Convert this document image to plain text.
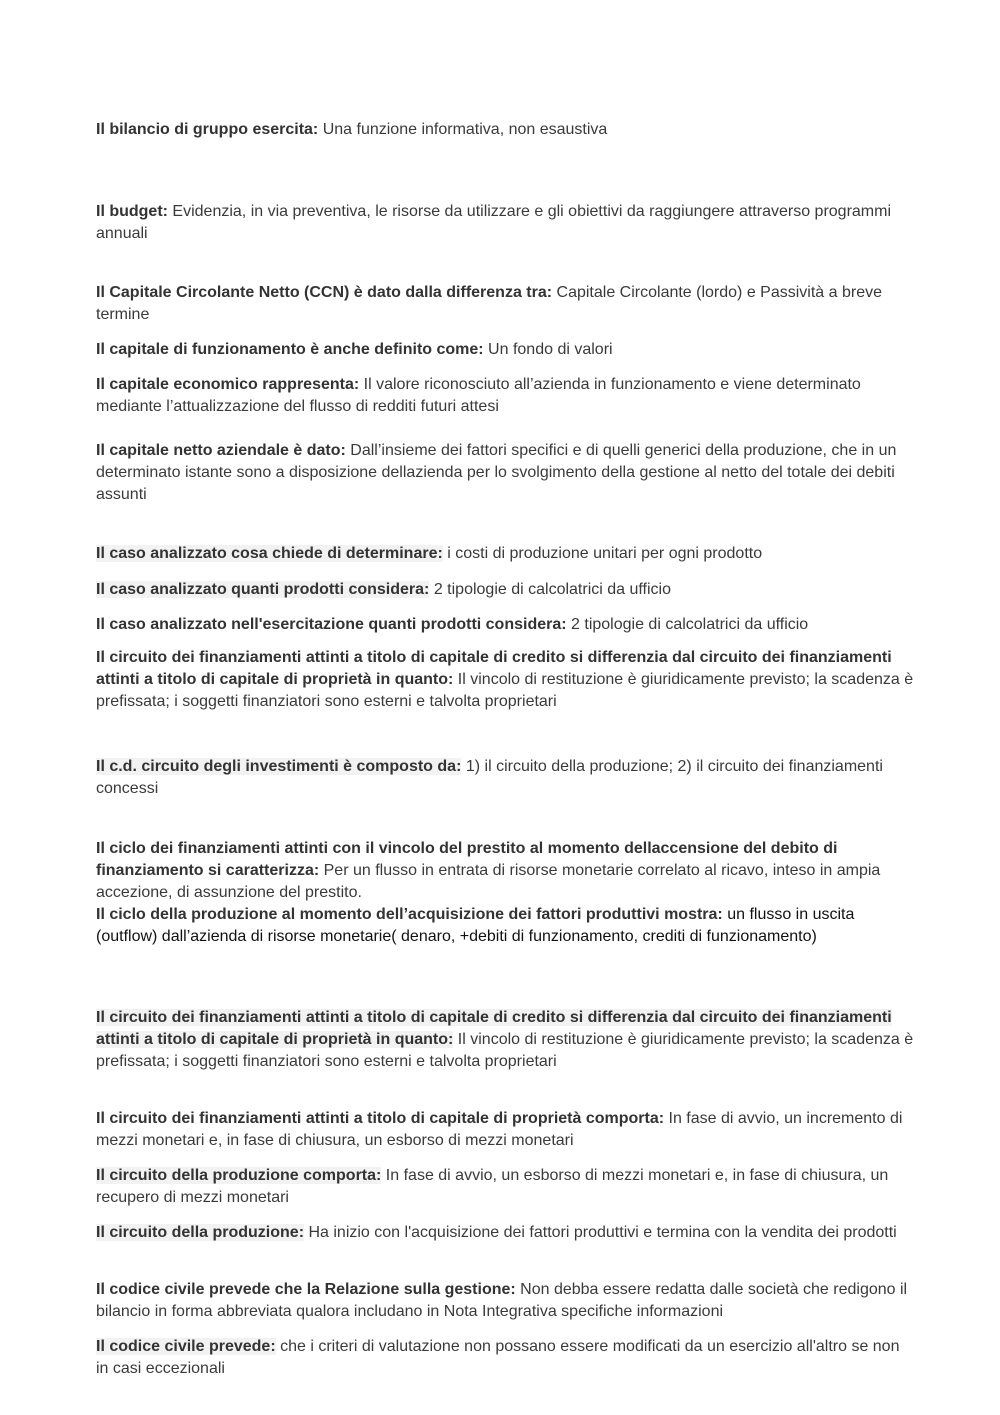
Il bilancio di gruppo esercita: Una funzione informativa, non esaustiva

Il budget: Evidenzia, in via preventiva, le risorse da utilizzare e gli obiettivi da raggiungere attraverso programmi annuali

Il Capitale Circolante Netto (CCN) è dato dalla differenza tra: Capitale Circolante (lordo) e Passività a breve termine

Il capitale di funzionamento è anche definito come: Un fondo di valori

Il capitale economico rappresenta: Il valore riconosciuto all’azienda in funzionamento e viene determinato mediante l’attualizzazione del flusso di redditi futuri attesi

Il capitale netto aziendale è dato: Dall’insieme dei fattori specifici e di quelli generici della produzione, che in un determinato istante sono a disposizione dellazienda per lo svolgimento della gestione al netto del totale dei debiti assunti

Il caso analizzato cosa chiede di determinare: i costi di produzione unitari per ogni prodotto

Il caso analizzato quanti prodotti considera: 2 tipologie di calcolatrici da ufficio

Il caso analizzato nell'esercitazione quanti prodotti considera: 2 tipologie di calcolatrici da ufficio

Il circuito dei finanziamenti attinti a titolo di capitale di credito si differenzia dal circuito dei finanziamenti attinti a titolo di capitale di proprietà in quanto: Il vincolo di restituzione è giuridicamente previsto; la scadenza è prefissata; i soggetti finanziatori sono esterni e talvolta proprietari

Il c.d. circuito degli investimenti è composto da: 1) il circuito della produzione; 2) il circuito dei finanziamenti concessi

Il ciclo dei finanziamenti attinti con il vincolo del prestito al momento dellaccensione del debito di finanziamento si caratterizza: Per un flusso in entrata di risorse monetarie correlato al ricavo, inteso in ampia accezione, di assunzione del prestito.

Il ciclo della produzione al momento dell’acquisizione dei fattori produttivi mostra: un flusso in uscita (outflow) dall’azienda di risorse monetarie( denaro, +debiti di funzionamento, crediti di funzionamento)

Il circuito dei finanziamenti attinti a titolo di capitale di credito si differenzia dal circuito dei finanziamenti attinti a titolo di capitale di proprietà in quanto: Il vincolo di restituzione è giuridicamente previsto; la scadenza è prefissata; i soggetti finanziatori sono esterni e talvolta proprietari

Il circuito dei finanziamenti attinti a titolo di capitale di proprietà comporta: In fase di avvio, un incremento di mezzi monetari e, in fase di chiusura, un esborso di mezzi monetari

Il circuito della produzione comporta: In fase di avvio, un esborso di mezzi monetari e, in fase di chiusura, un recupero di mezzi monetari

Il circuito della produzione: Ha inizio con l'acquisizione dei fattori produttivi e termina con la vendita dei prodotti

Il codice civile prevede che la Relazione sulla gestione: Non debba essere redatta dalle società che redigono il bilancio in forma abbreviata qualora includano in Nota Integrativa specifiche informazioni

Il codice civile prevede: che i criteri di valutazione non possano essere modificati da un esercizio all'altro se non in casi eccezionali
